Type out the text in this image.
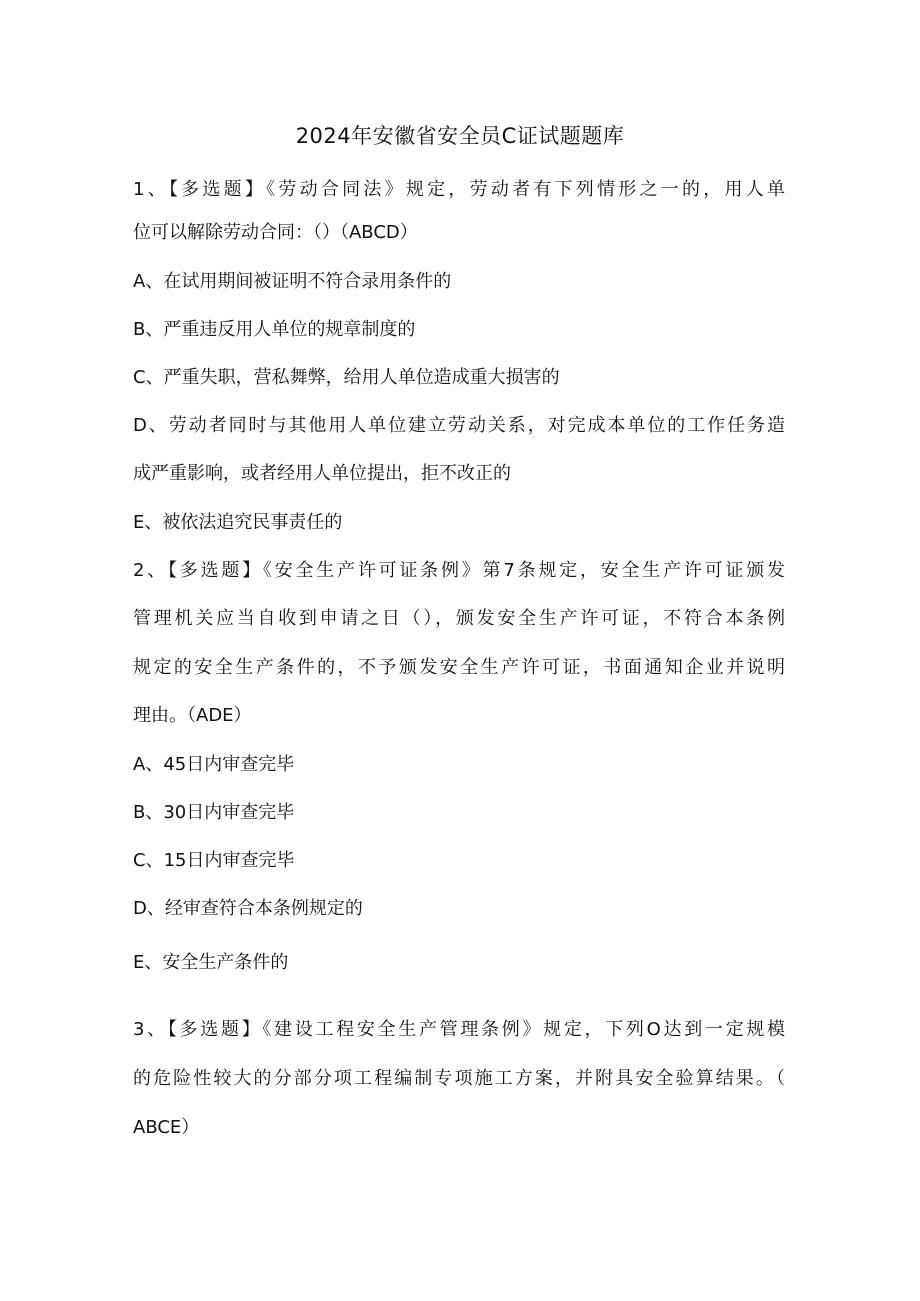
2024年安徽省安全员C证试题题库

1、【多选题】《劳动合同法》规定，劳动者有下列情形之一的，用人单

位可以解除劳动合同：（）（ABCD）

A、在试用期间被证明不符合录用条件的

B、严重违反用人单位的规章制度的

C、严重失职，营私舞弊，给用人单位造成重大损害的

D、劳动者同时与其他用人单位建立劳动关系，对完成本单位的工作任务造

成严重影响，或者经用人单位提出，拒不改正的

E、被依法追究民事责任的

2、【多选题】《安全生产许可证条例》第7条规定，安全生产许可证颁发

管理机关应当自收到申请之日（），颁发安全生产许可证，不符合本条例

规定的安全生产条件的，不予颁发安全生产许可证，书面通知企业并说明

理由。（ADE）

A、45日内审查完毕

B、30日内审查完毕

C、15日内审查完毕

D、经审查符合本条例规定的

E、安全生产条件的

3、【多选题】《建设工程安全生产管理条例》规定，下列O达到一定规模

的危险性较大的分部分项工程编制专项施工方案，并附具安全验算结果。（

ABCE）
